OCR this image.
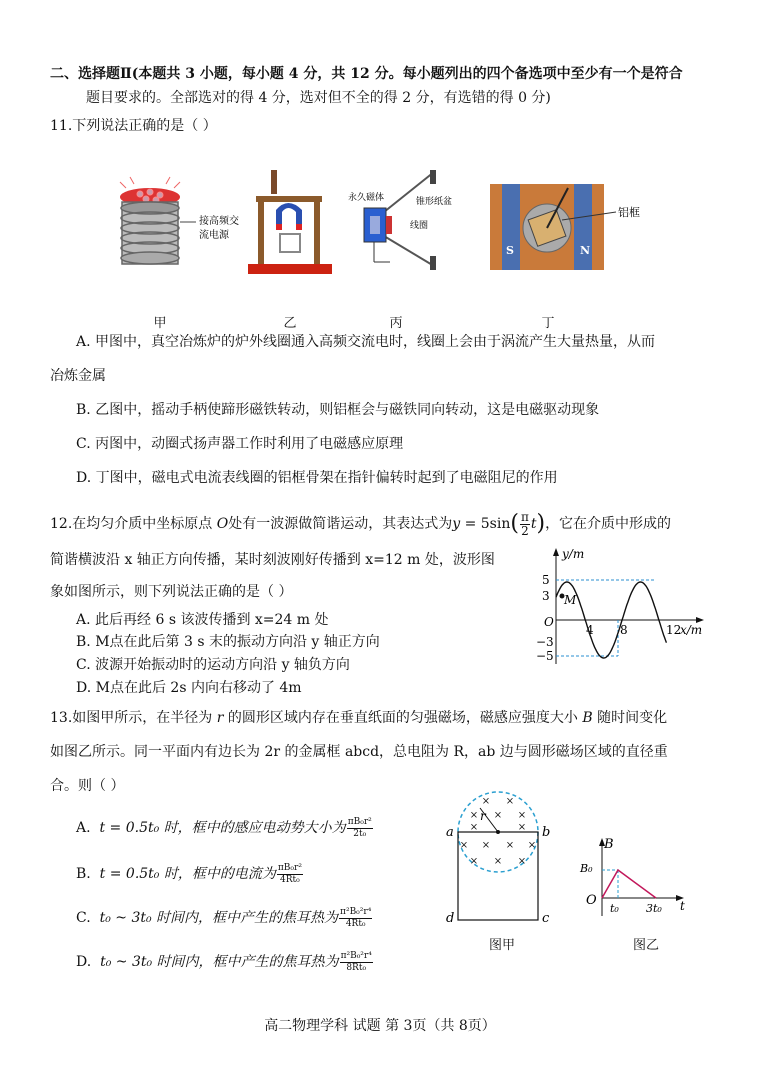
二、选择题Ⅱ(本题共 3 小题，每小题 4 分，共 12 分。每小题列出的四个备选项中至少有一个是符合
题目要求的。全部选对的得 4 分，选对但不全的得 2 分，有选错的得 0 分)
11.下列说法正确的是（ ）
接高频交
流电源
甲	乙
永久磁体	锥形纸盆
线圈
丙
S	N
铝框
丁
A. 甲图中，真空冶炼炉的炉外线圈通入高频交流电时，线圈上会由于涡流产生大量热量，从而
冶炼金属
B. 乙图中，摇动手柄使蹄形磁铁转动，则铝框会与磁铁同向转动，这是电磁驱动现象
C. 丙图中，动圈式扬声器工作时利用了电磁感应原理
D. 丁图中，磁电式电流表线圈的铝框骨架在指针偏转时起到了电磁阻尼的作用
12.在均匀介质中坐标原点 O处有一波源做简谐运动，其表达式为$y = 5\sin( \frac{\pi}{2} t)$，它在介质中形成的
简谐横波沿 x 轴正方向传播，某时刻波刚好传播到 x=12 m 处，波形图
象如图所示，则下列说法正确的是（ ）
A. 此后再经 6 s 该波传播到 x=24 m 处
B. M点在此后第 3 s 末的振动方向沿 y 轴正方向
C. 波源开始振动时的运动方向沿 y 轴负方向
D. M点在此后 2s 内向右移动了 4m
y/m
x/m
O
5
3
−3
−5
4 8	12
M
13.如图甲所示，在半径为 r 的圆形区域内存在垂直纸面的匀强磁场，磁感应强度大小 B 随时间变化
如图乙所示。同一平面内有边长为 2r 的金属框 abcd，总电阻为 R，ab 边与圆形磁场区域的直径重
合。则（ ）
A. t = 0.5t₀ 时，框中的感应电动势大小为 $\frac{\text{πB₀r²}}{\text{2t₀}}$
B. t = 0.5t₀ 时，框中的电流为 $\frac{\text{πB₀r²}}{\text{4Rt₀}}$
C. t₀ ~ 3t₀ 时间内，框中产生的焦耳热为 $\frac{\text{π²B₀²r⁴}}{\text{4Rt₀}}$
D. t₀ ~ 3t₀ 时间内，框中产生的焦耳热为 $\frac{\text{π²B₀²r⁴}}{\text{8Rt₀}}$
× ×
× × ×
×	×
× × × ×
× × ×
r
a	b
d	c
图甲
B
B₀
O
t₀ 3t₀ t
图乙
高二物理学科 试题 第 3页（共 8页）
